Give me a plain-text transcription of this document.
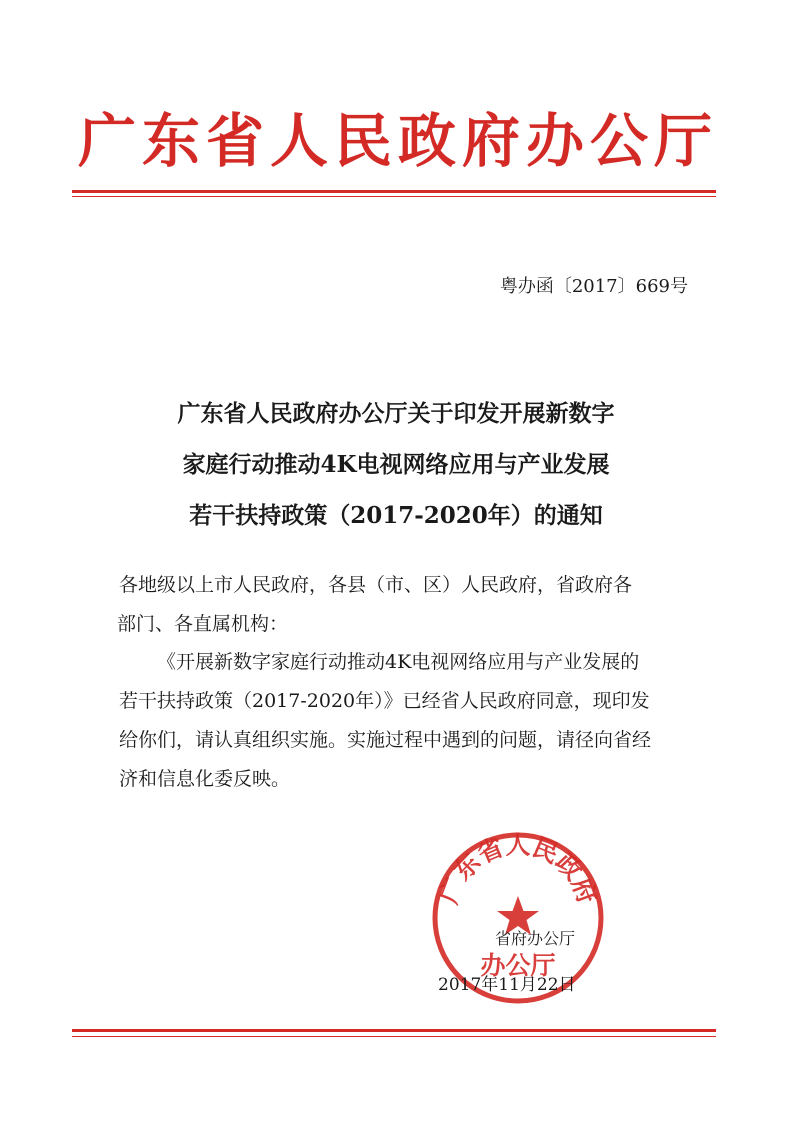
广东省人民政府办公厅
粤办函〔2017〕669号
广东省人民政府办公厅关于印发开展新数字
家庭行动推动4K电视网络应用与产业发展
若干扶持政策（2017-2020年）的通知
各地级以上市人民政府，各县（市、区）人民政府，省政府各
部门、各直属机构：
《开展新数字家庭行动推动4K电视网络应用与产业发展的
若干扶持政策（2017-2020年）》已经省人民政府同意，现印发
给你们，请认真组织实施。实施过程中遇到的问题，请径向省经
济和信息化委反映。
广东省人民政府
办公厅
省府办公厅
2017年11月22日
